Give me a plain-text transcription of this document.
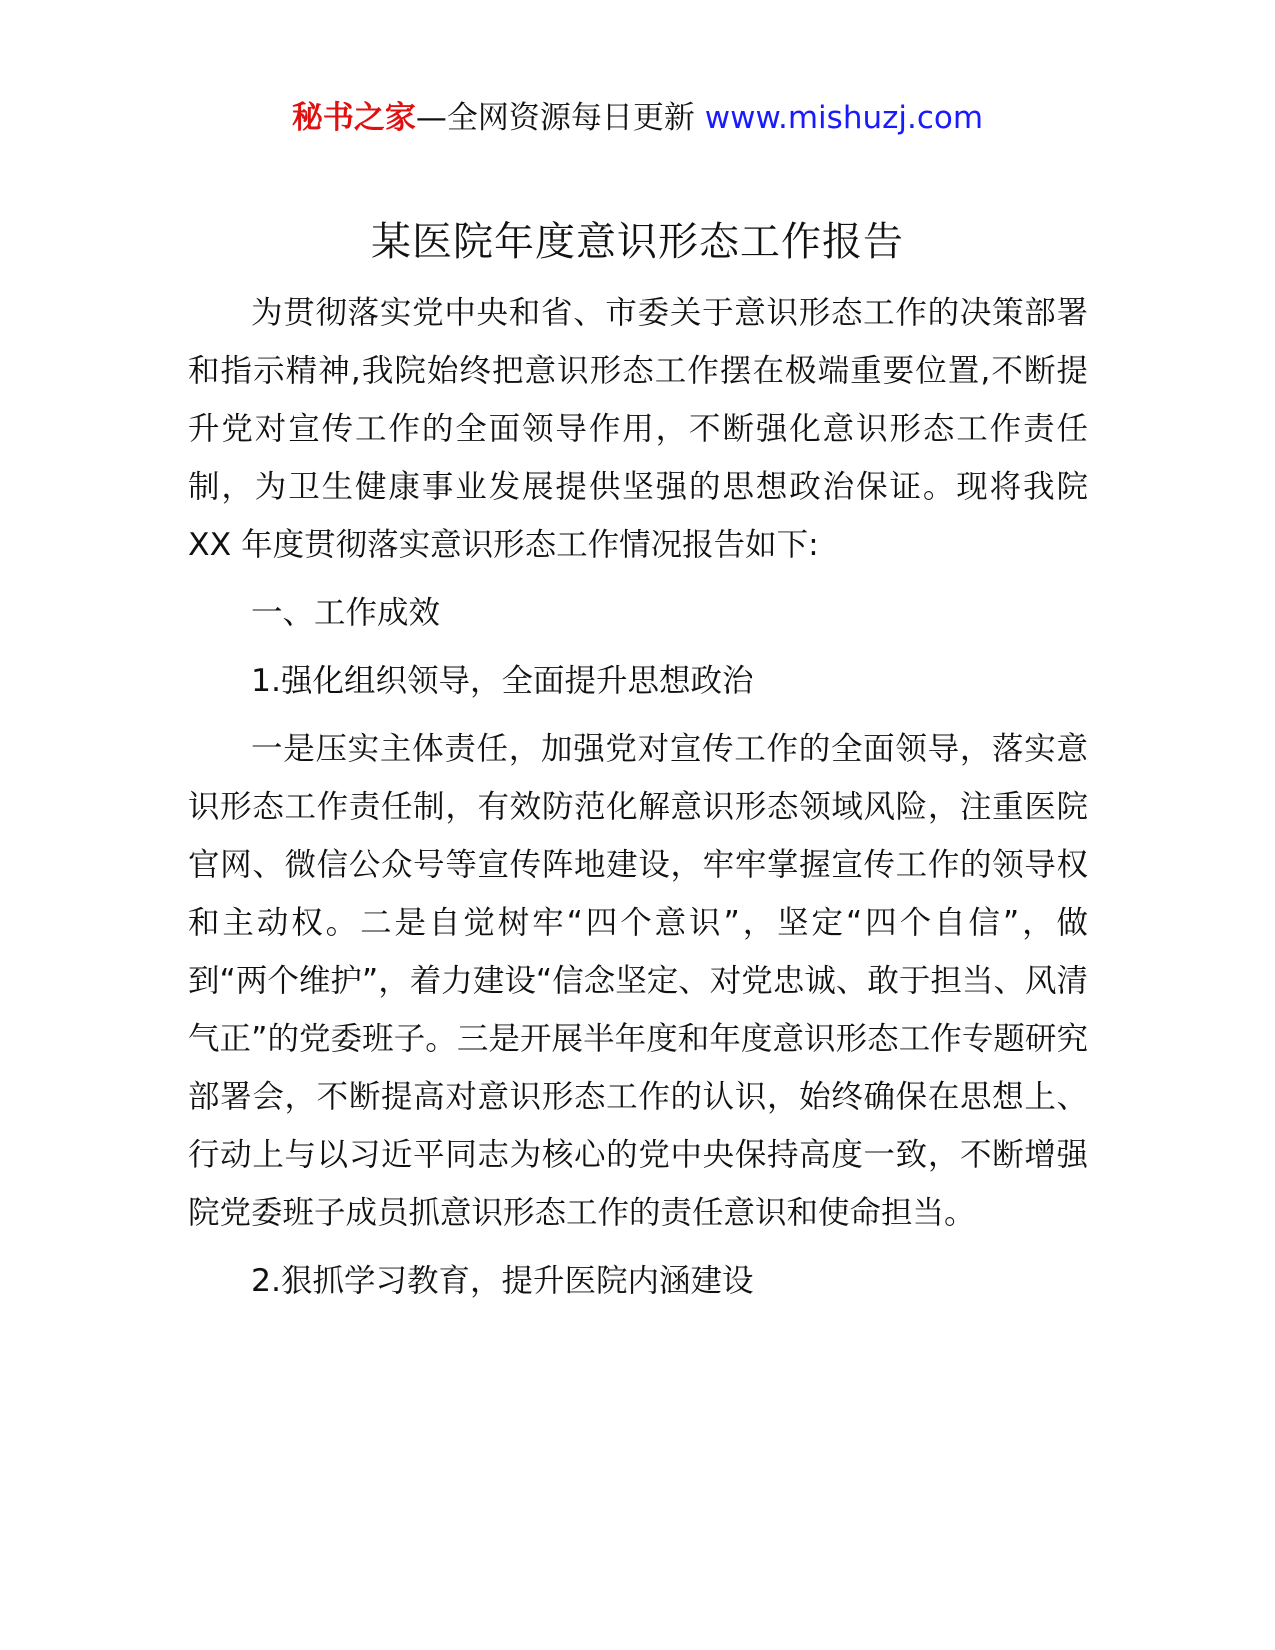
秘书之家—全网资源每日更新 www.mishuzj.com
某医院年度意识形态工作报告

为贯彻落实党中央和省、市委关于意识形态工作的决策部署和指示精神,我院始终把意识形态工作摆在极端重要位置,不断提升党对宣传工作的全面领导作用，不断强化意识形态工作责任制，为卫生健康事业发展提供坚强的思想政治保证。现将我院 XX 年度贯彻落实意识形态工作情况报告如下:

一、工作成效

1.强化组织领导，全面提升思想政治

一是压实主体责任，加强党对宣传工作的全面领导，落实意识形态工作责任制，有效防范化解意识形态领域风险，注重医院官网、微信公众号等宣传阵地建设，牢牢掌握宣传工作的领导权和主动权。二是自觉树牢“四个意识”，坚定“四个自信”，做到“两个维护”，着力建设“信念坚定、对党忠诚、敢于担当、风清气正”的党委班子。三是开展半年度和年度意识形态工作专题研究部署会，不断提高对意识形态工作的认识，始终确保在思想上、行动上与以习近平同志为核心的党中央保持高度一致，不断增强院党委班子成员抓意识形态工作的责任意识和使命担当。

2.狠抓学习教育，提升医院内涵建设
